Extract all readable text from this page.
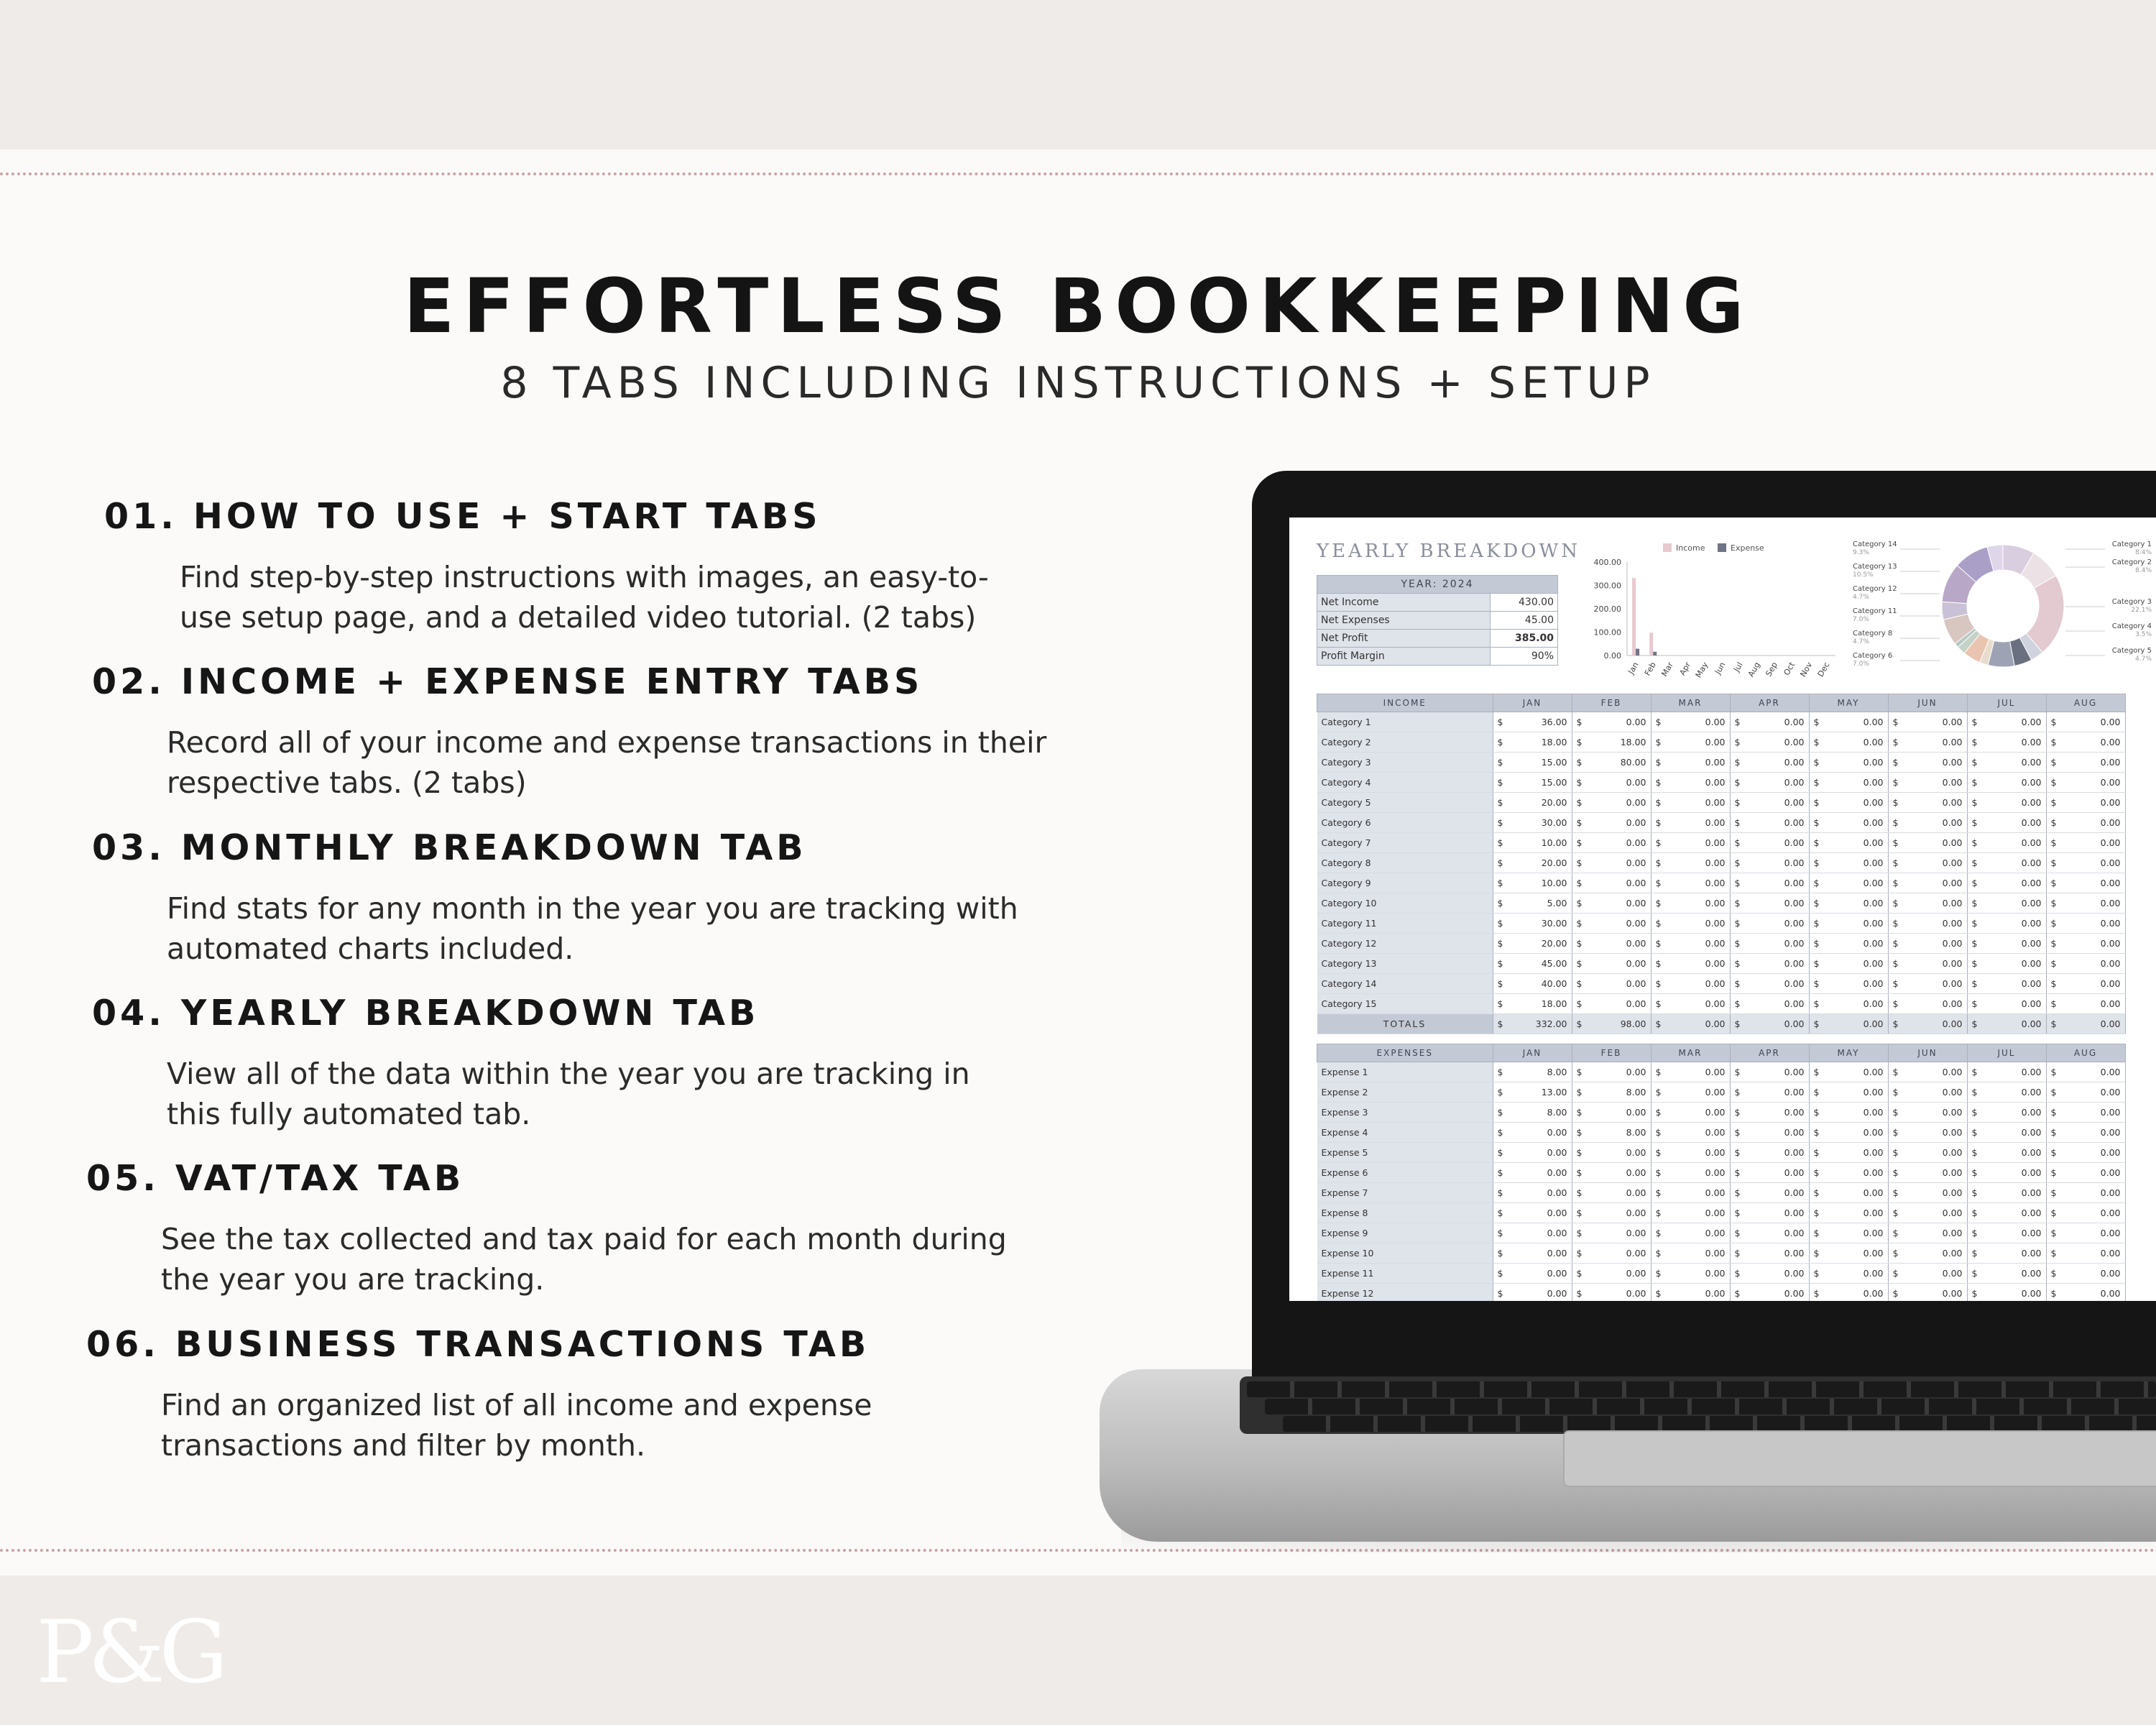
P&G
EFFORTLESS BOOKKEEPING
8 TABS INCLUDING INSTRUCTIONS + SETUP
01. HOW TO USE + START TABS

Find step-by-step instructions with images, an easy-to-
use setup page, and a detailed video tutorial. (2 tabs)

02. INCOME + EXPENSE ENTRY TABS

Record all of your income and expense transactions in their
respective tabs. (2 tabs)

03. MONTHLY BREAKDOWN TAB

Find stats for any month in the year you are tracking with
automated charts included.

04. YEARLY BREAKDOWN TAB

View all of the data within the year you are tracking in
this fully automated tab.

05. VAT/TAX TAB

See the tax collected and tax paid for each month during
the year you are tracking.

06. BUSINESS TRANSACTIONS TAB

Find an organized list of all income and expense
transactions and filter by month.

YEARLY BREAKDOWN
YEAR: 2024	
Net Income	430.00
Net Expenses	45.00
Net Profit	385.00
Profit Margin	90%
Income	Expense
400.00
300.00
200.00
100.00
0.00
Jan Feb Mar Apr May Jun Jul Aug Sep Oct Nov Dec
Category 14
9.3%
Category 13
10.5%
Category 12
4.7%
Category 11
7.0%
Category 8
4.7%
Category 6
7.0%
Category 1
8.4%
Category 2
8.4%
Category 3
22.1%
Category 4
3.5%
Category 5
4.7%
INCOME	JAN	FEB	MAR	APR	MAY	JUN	JUL	AUG
Category 1	$ 36.00	$ 0.00	$ 0.00	$ 0.00	$ 0.00	$ 0.00	$ 0.00	$ 0.00
Category 2	$ 18.00	$ 18.00	$ 0.00	$ 0.00	$ 0.00	$ 0.00	$ 0.00	$ 0.00
Category 3	$ 15.00	$ 80.00	$ 0.00	$ 0.00	$ 0.00	$ 0.00	$ 0.00	$ 0.00
Category 4	$ 15.00	$ 0.00	$ 0.00	$ 0.00	$ 0.00	$ 0.00	$ 0.00	$ 0.00
Category 5	$ 20.00	$ 0.00	$ 0.00	$ 0.00	$ 0.00	$ 0.00	$ 0.00	$ 0.00
Category 6	$ 30.00	$ 0.00	$ 0.00	$ 0.00	$ 0.00	$ 0.00	$ 0.00	$ 0.00
Category 7	$ 10.00	$ 0.00	$ 0.00	$ 0.00	$ 0.00	$ 0.00	$ 0.00	$ 0.00
Category 8	$ 20.00	$ 0.00	$ 0.00	$ 0.00	$ 0.00	$ 0.00	$ 0.00	$ 0.00
Category 9	$ 10.00	$ 0.00	$ 0.00	$ 0.00	$ 0.00	$ 0.00	$ 0.00	$ 0.00
Category 10	$ 5.00	$ 0.00	$ 0.00	$ 0.00	$ 0.00	$ 0.00	$ 0.00	$ 0.00
Category 11	$ 30.00	$ 0.00	$ 0.00	$ 0.00	$ 0.00	$ 0.00	$ 0.00	$ 0.00
Category 12	$ 20.00	$ 0.00	$ 0.00	$ 0.00	$ 0.00	$ 0.00	$ 0.00	$ 0.00
Category 13	$ 45.00	$ 0.00	$ 0.00	$ 0.00	$ 0.00	$ 0.00	$ 0.00	$ 0.00
Category 14	$ 40.00	$ 0.00	$ 0.00	$ 0.00	$ 0.00	$ 0.00	$ 0.00	$ 0.00
Category 15	$ 18.00	$ 0.00	$ 0.00	$ 0.00	$ 0.00	$ 0.00	$ 0.00	$ 0.00
TOTALS	$ 332.00	$ 98.00	$ 0.00	$ 0.00	$ 0.00	$ 0.00	$ 0.00	$ 0.00
EXPENSES	JAN	FEB	MAR	APR	MAY	JUN	JUL	AUG
Expense 1	$ 8.00	$ 0.00	$ 0.00	$ 0.00	$ 0.00	$ 0.00	$ 0.00	$ 0.00
Expense 2	$ 13.00	$ 8.00	$ 0.00	$ 0.00	$ 0.00	$ 0.00	$ 0.00	$ 0.00
Expense 3	$ 8.00	$ 0.00	$ 0.00	$ 0.00	$ 0.00	$ 0.00	$ 0.00	$ 0.00
Expense 4	$ 0.00	$ 8.00	$ 0.00	$ 0.00	$ 0.00	$ 0.00	$ 0.00	$ 0.00
Expense 5	$ 0.00	$ 0.00	$ 0.00	$ 0.00	$ 0.00	$ 0.00	$ 0.00	$ 0.00
Expense 6	$ 0.00	$ 0.00	$ 0.00	$ 0.00	$ 0.00	$ 0.00	$ 0.00	$ 0.00
Expense 7	$ 0.00	$ 0.00	$ 0.00	$ 0.00	$ 0.00	$ 0.00	$ 0.00	$ 0.00
Expense 8	$ 0.00	$ 0.00	$ 0.00	$ 0.00	$ 0.00	$ 0.00	$ 0.00	$ 0.00
Expense 9	$ 0.00	$ 0.00	$ 0.00	$ 0.00	$ 0.00	$ 0.00	$ 0.00	$ 0.00
Expense 10	$ 0.00	$ 0.00	$ 0.00	$ 0.00	$ 0.00	$ 0.00	$ 0.00	$ 0.00
Expense 11	$ 0.00	$ 0.00	$ 0.00	$ 0.00	$ 0.00	$ 0.00	$ 0.00	$ 0.00
Expense 12	$ 0.00	$ 0.00	$ 0.00	$ 0.00	$ 0.00	$ 0.00	$ 0.00	$ 0.00
